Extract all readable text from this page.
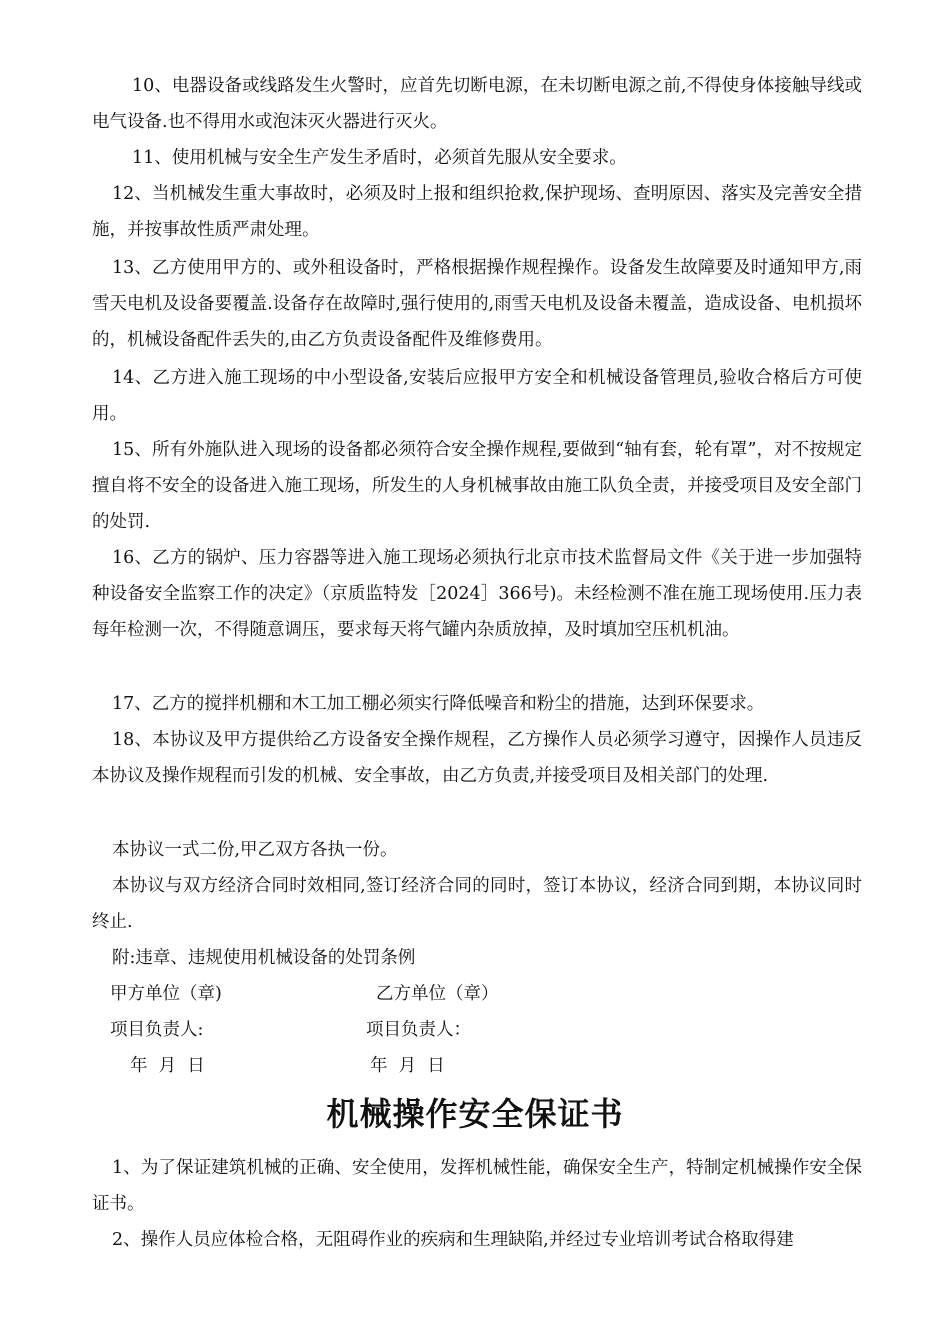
10、电器设备或线路发生火警时，应首先切断电源，在未切断电源之前,不得使身体接触导线或电气设备.也不得用水或泡沫灭火器进行灭火。
11、使用机械与安全生产发生矛盾时，必须首先服从安全要求。
12、当机械发生重大事故时，必须及时上报和组织抢救,保护现场、查明原因、落实及完善安全措施，并按事故性质严肃处理。
13、乙方使用甲方的、或外租设备时，严格根据操作规程操作。设备发生故障要及时通知甲方,雨雪天电机及设备要覆盖.设备存在故障时,强行使用的,雨雪天电机及设备未覆盖，造成设备、电机损坏的，机械设备配件丢失的,由乙方负责设备配件及维修费用。
14、乙方进入施工现场的中小型设备,安装后应报甲方安全和机械设备管理员,验收合格后方可使用。
15、所有外施队进入现场的设备都必须符合安全操作规程,要做到“轴有套，轮有罩”，对不按规定擅自将不安全的设备进入施工现场，所发生的人身机械事故由施工队负全责，并接受项目及安全部门的处罚.
16、乙方的锅炉、压力容器等进入施工现场必须执行北京市技术监督局文件《关于进一步加强特种设备安全监察工作的决定》（京质监特发［2024］366号)。未经检测不准在施工现场使用.压力表每年检测一次，不得随意调压，要求每天将气罐内杂质放掉，及时填加空压机机油。
17、乙方的搅拌机棚和木工加工棚必须实行降低噪音和粉尘的措施，达到环保要求。
18、本协议及甲方提供给乙方设备安全操作规程，乙方操作人员必须学习遵守，因操作人员违反本协议及操作规程而引发的机械、安全事故，由乙方负责,并接受项目及相关部门的处理.
本协议一式二份,甲乙双方各执一份。
本协议与双方经济合同时效相同,签订经济合同的同时，签订本协议，经济合同到期，本协议同时终止.
附:违章、违规使用机械设备的处罚条例
甲方单位（章)	乙方单位（章）
项目负责人:	项目负责人：
年  月  日	年  月  日
机械操作安全保证书
1、为了保证建筑机械的正确、安全使用，发挥机械性能，确保安全生产，特制定机械操作安全保证书。
2、操作人员应体检合格，无阻碍作业的疾病和生理缺陷,并经过专业培训考试合格取得建
